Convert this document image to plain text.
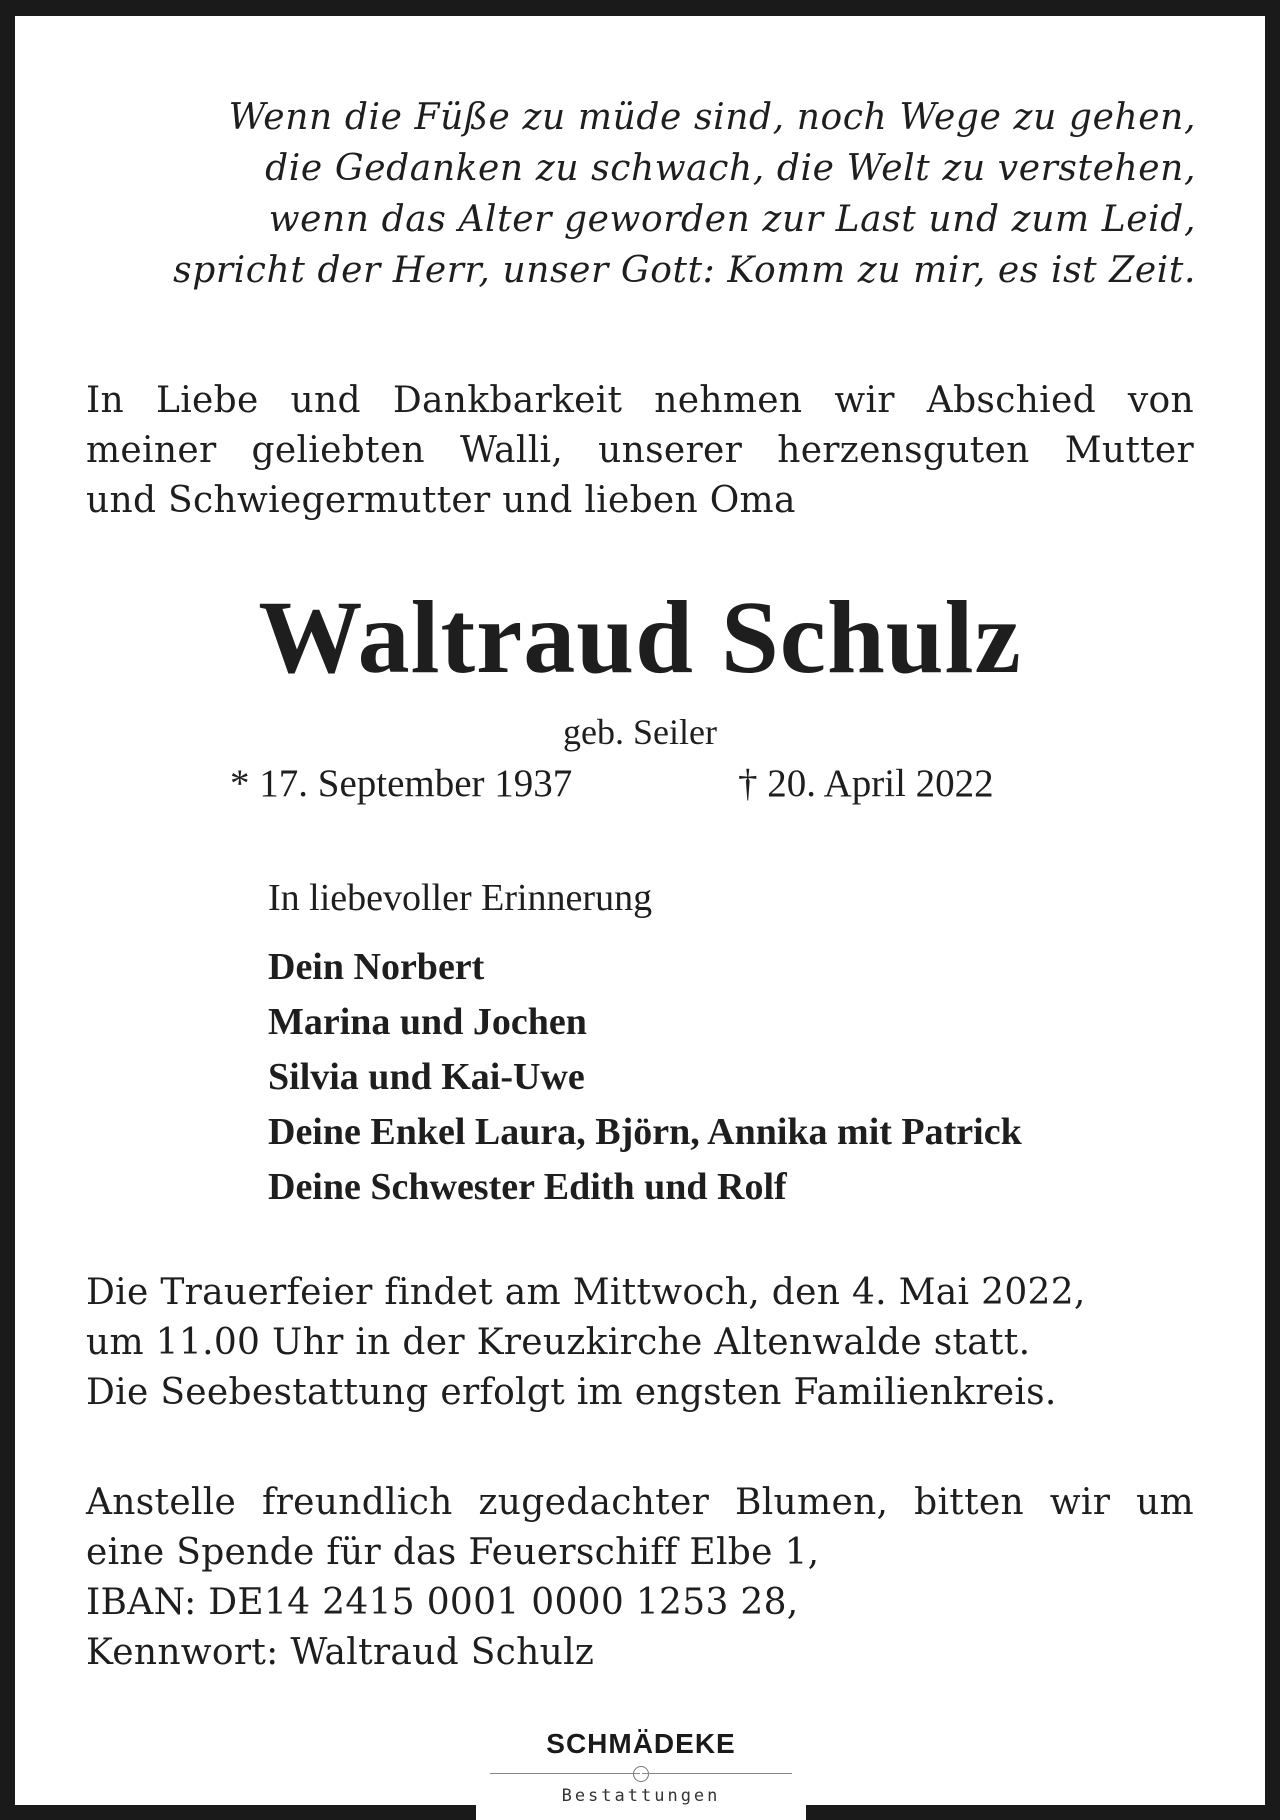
Wenn die Füße zu müde sind, noch Wege zu gehen,
die Gedanken zu schwach, die Welt zu verstehen,
wenn das Alter geworden zur Last und zum Leid,
spricht der Herr, unser Gott: Komm zu mir, es ist Zeit.
In Liebe und Dankbarkeit nehmen wir Abschied von
meiner geliebten Walli, unserer herzensguten Mutter
und Schwiegermutter und lieben Oma
Waltraud Schulz
geb. Seiler
* 17. September 1937	† 20. April 2022
In liebevoller Erinnerung
Dein Norbert
Marina und Jochen
Silvia und Kai-Uwe
Deine Enkel Laura, Björn, Annika mit Patrick
Deine Schwester Edith und Rolf
Die Trauerfeier findet am Mittwoch, den 4. Mai 2022,
um 11.00 Uhr in der Kreuzkirche Altenwalde statt.
Die Seebestattung erfolgt im engsten Familienkreis.
Anstelle freundlich zugedachter Blumen, bitten wir um
eine Spende für das Feuerschiff Elbe 1,
IBAN: DE14 2415 0001 0000 1253 28,
Kennwort: Waltraud Schulz
SCHMÄDEKE
Bestattungen
